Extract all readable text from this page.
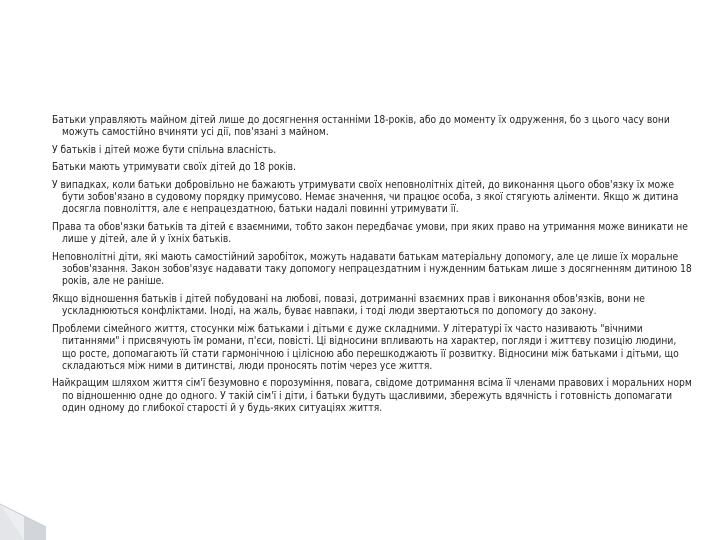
Батьки управляють майном дітей лише до досягнення останніми 18-років, або до моменту їх одруження, бо з цього часу вони можуть самостійно вчиняти усі дії, пов'язані з майном.

У батьків і дітей може бути спільна власність.

Батьки мають утримувати своїх дітей до 18 років.

У випадках, коли батьки добровільно не бажають утримувати своїх неповнолітніх дітей, до виконання цього обов'язку їх може бути зобов'язано в судовому порядку примусово. Немає значення, чи працює особа, з якої стягують аліменти. Якщо ж дитина досягла повноліття, але є непрацездатною, батьки надалі повинні утримувати її.

Права та обов'язки батьків та дітей є взаємними, тобто закон передбачає умови, при яких право на утримання може виникати не лише у дітей, але й у їхніх батьків.

Неповнолітні діти, які мають самостійний заробіток, можуть надавати батькам матеріальну допомогу, але це лише їх моральне зобов'язання. Закон зобов'язує надавати таку допомогу непрацездатним і нужденним батькам лише з досягненням дитиною 18 років, але не раніше.

Якщо відношення батьків і дітей побудовані на любові, повазі, дотриманні взаємних прав і виконання обов'язків, вони не ускладнюються конфліктами. Іноді, на жаль, буває навпаки, і тоді люди звертаються по допомогу до закону.

Проблеми сімейного життя, стосунки між батьками і дітьми є дуже складними. У літературі їх часто називають "вічними питаннями" і присвячують їм романи, п'єси, повісті. Ці відносини впливають на характер, погляди і життєву позицію людини, що росте, допомагають їй стати гармонічною і цілісною або перешкоджають її розвитку. Відносини між батьками і дітьми, що складаються між ними в дитинстві, люди проносять потім через усе життя.

Найкращим шляхом життя сім'ї безумовно є порозуміння, повага, свідоме дотримання всіма її членами правових і моральних норм по відношенню одне до одного. У такій сім'ї і діти, і батьки будуть щасливими, збережуть вдячність і готовність допомагати один одному до глибокої старості й у будь-яких ситуаціях життя.
